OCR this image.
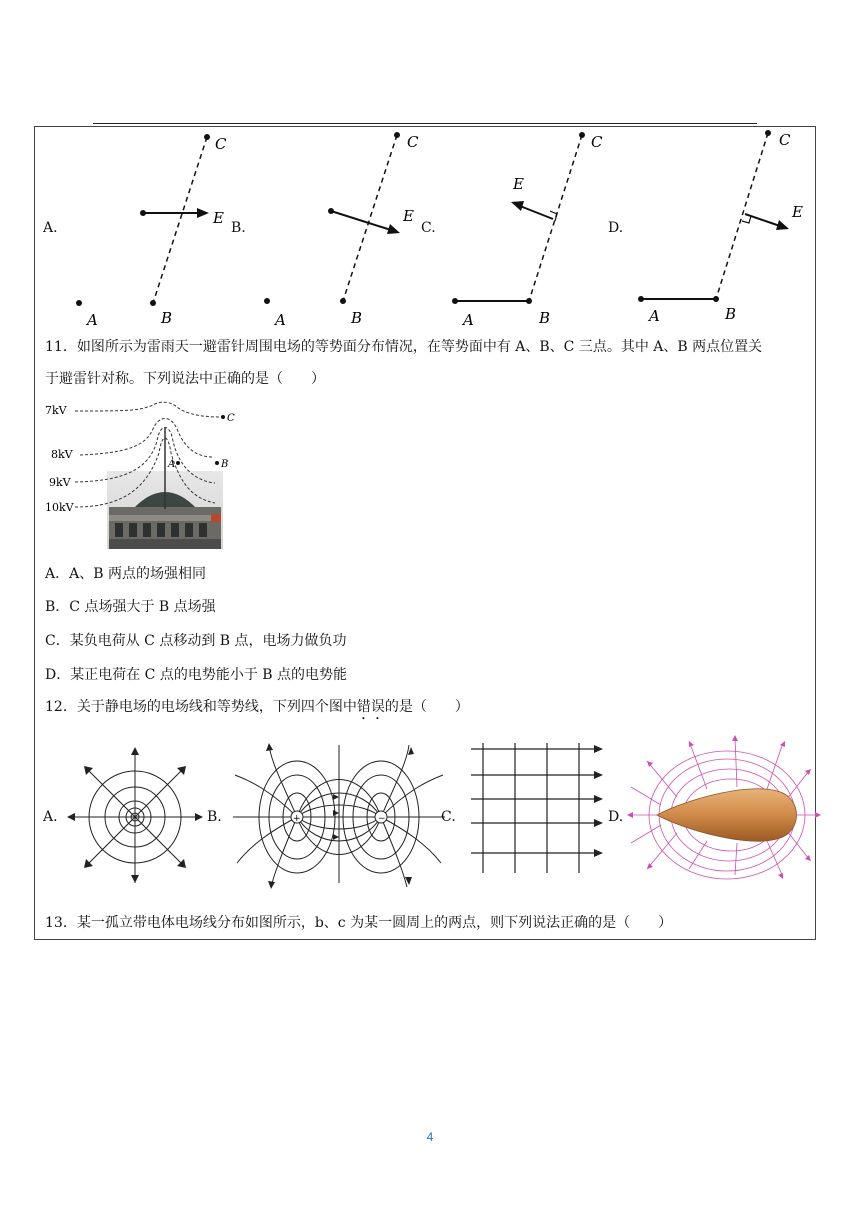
A.
C
E
B
A
B.
C
E
B
A
C.
C
E
B
A
D.
C
E
B
A
11．如图所示为雷雨天一避雷针周围电场的等势面分布情况，在等势面中有 A、B、C 三点。其中 A、B 两点位置关
于避雷针对称。下列说法中正确的是（　　）
7kV
8kV
9kV
10kV
A	B
C
A．A、B 两点的场强相同
B．C 点场强大于 B 点场强
C．某负电荷从 C 点移动到 B 点，电场力做负功
D．某正电荷在 C 点的电势能小于 B 点的电势能
12．关于静电场的电场线和等势线，下列四个图中错误的是（　　）
A.	B.	+	−	C.	D.
13．某一孤立带电体电场线分布如图所示，b、c 为某一圆周上的两点，则下列说法正确的是（　　）
4
